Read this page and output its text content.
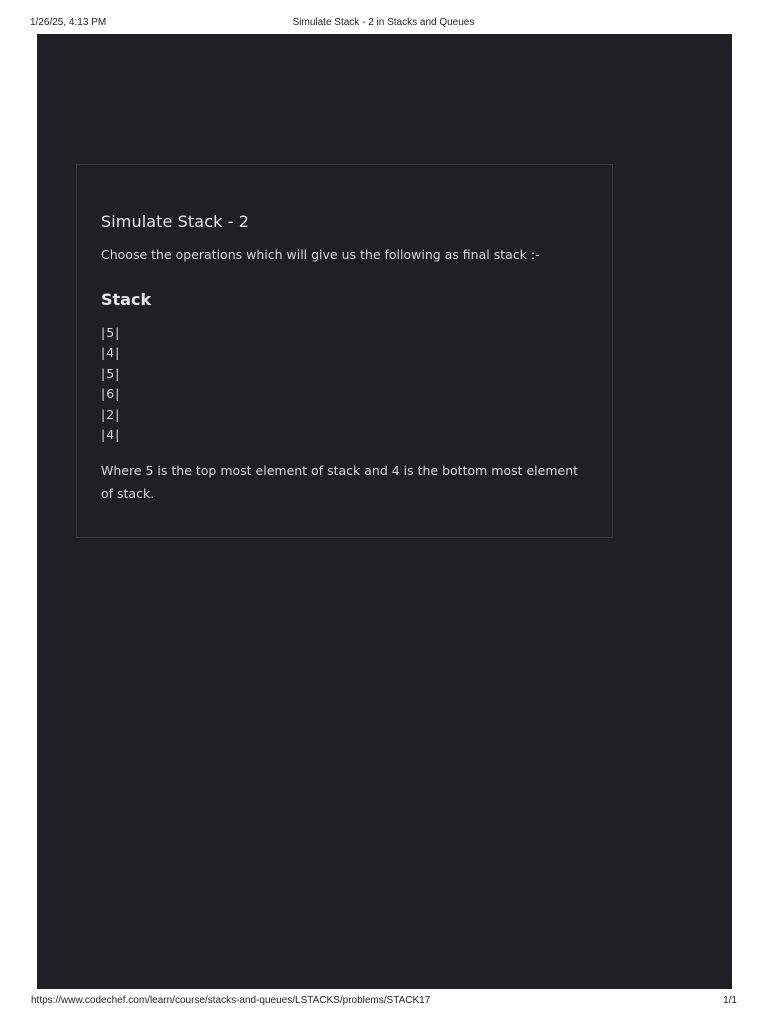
1/26/25, 4:13 PM	Simulate Stack - 2 in Stacks and Queues
Simulate Stack - 2

Choose the operations which will give us the following as final stack :-

Stack
|5|
|4|
|5|
|6|
|2|
|4|

Where 5 is the top most element of stack and 4 is the bottom most element of stack.

https://www.codechef.com/learn/course/stacks-and-queues/LSTACKS/problems/STACK17	1/1
